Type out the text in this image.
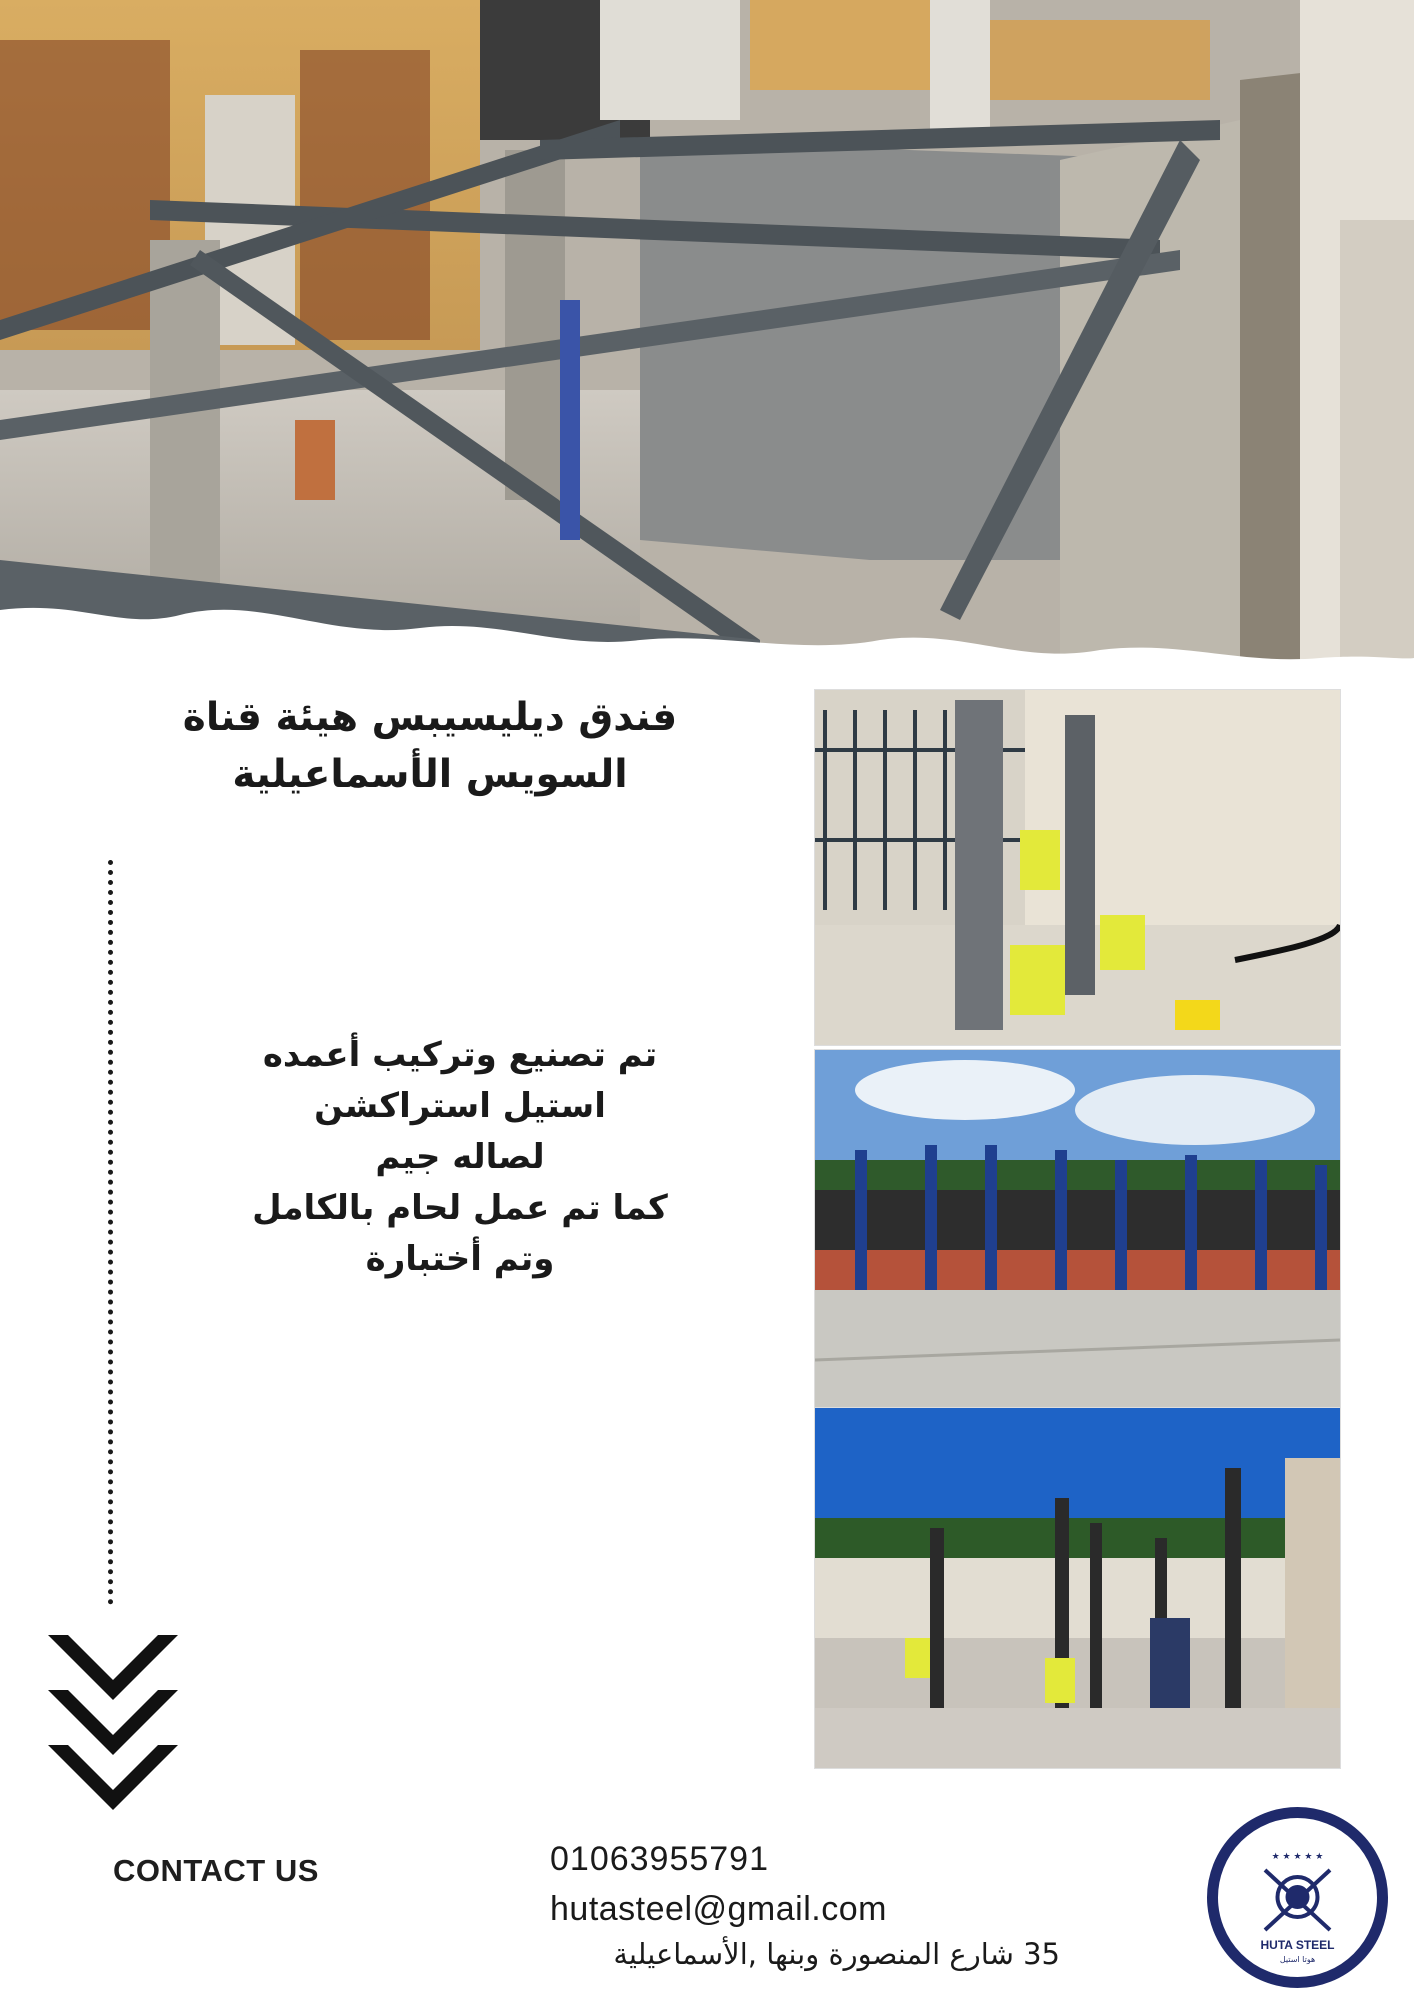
فندق ديليسيبس هيئة قناة السويس الأسماعيلية
تم تصنيع وتركيب أعمده
استيل استراكشن
لصاله جيم
كما تم عمل لحام بالكامل
وتم أختبارة
CONTACT US	01063955791
hutasteel@gmail.com
35 شارع المنصورة وبنها ,الأسماعيلية
★ ★ ★ ★ ★
HUTA STEEL
هوتا استيل
